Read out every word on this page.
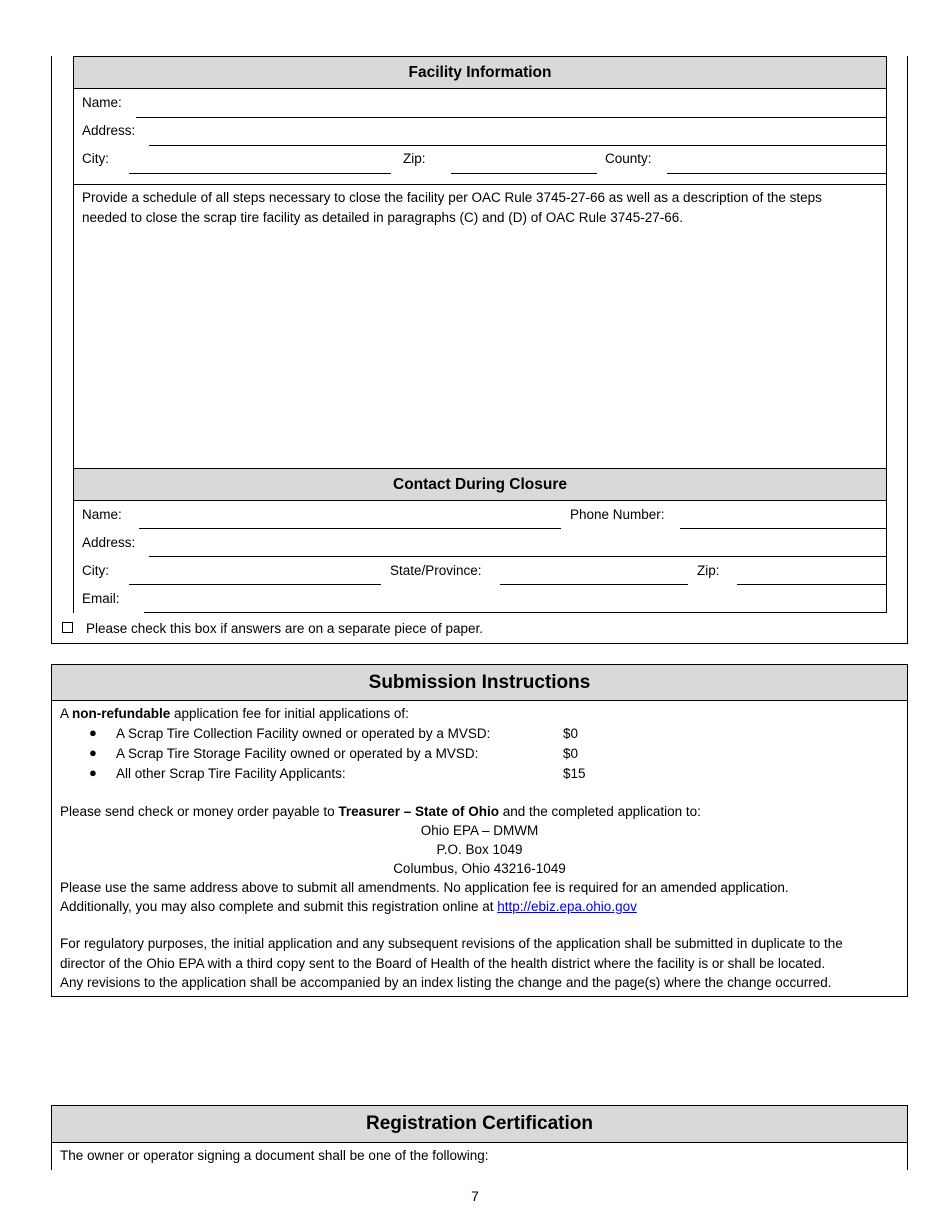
Facility Information
Name:
Address:
City:	Zip:	County:
Provide a schedule of all steps necessary to close the facility per OAC Rule 3745-27-66 as well as a description of the steps
needed to close the scrap tire facility as detailed in paragraphs (C) and (D) of OAC Rule 3745-27-66.
Contact During Closure
Name:	Phone Number:
Address:
City:	State/Province:	Zip:
Email:
Please check this box if answers are on a separate piece of paper.
Submission Instructions
A non-refundable application fee for initial applications of:
● A Scrap Tire Collection Facility owned or operated by a MVSD:	$0
● A Scrap Tire Storage Facility owned or operated by a MVSD:	$0
● All other Scrap Tire Facility Applicants:	$15
Please send check or money order payable to Treasurer – State of Ohio and the completed application to:
Ohio EPA – DMWM
P.O. Box 1049
Columbus, Ohio 43216-1049
Please use the same address above to submit all amendments. No application fee is required for an amended application.
Additionally, you may also complete and submit this registration online at http://ebiz.epa.ohio.gov
For regulatory purposes, the initial application and any subsequent revisions of the application shall be submitted in duplicate to the
director of the Ohio EPA with a third copy sent to the Board of Health of the health district where the facility is or shall be located.
Any revisions to the application shall be accompanied by an index listing the change and the page(s) where the change occurred.
Registration Certification
The owner or operator signing a document shall be one of the following:
7
